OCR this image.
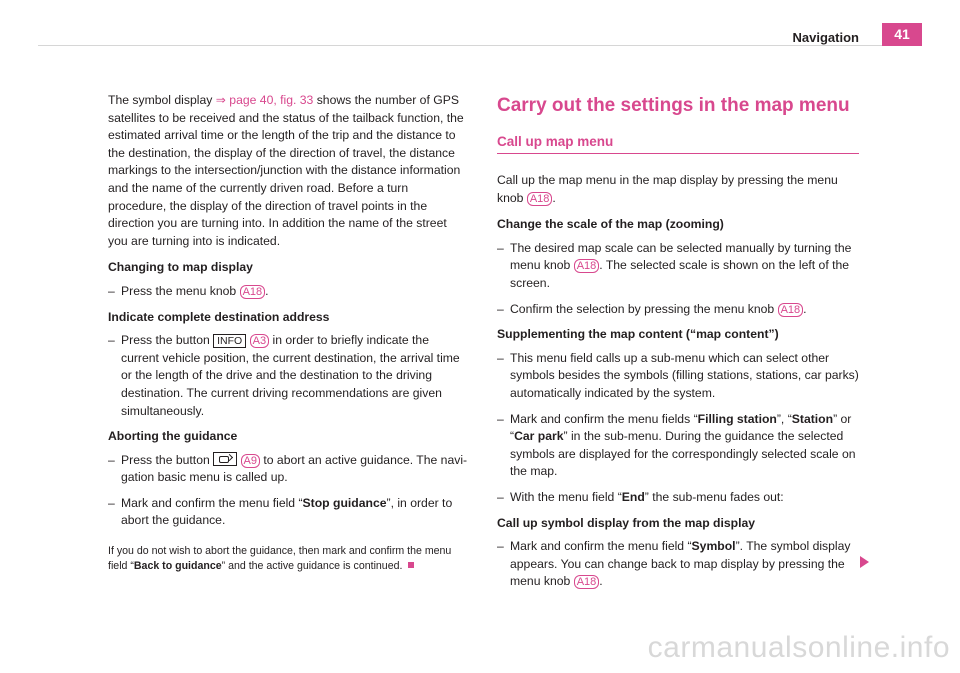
Navigation	41

The symbol display ⇒ page 40, fig. 33 shows the number of GPS satellites to be received and the status of the tailback function, the estimated arrival time or the length of the trip and the distance to the destination, the display of the direction of travel, the distance markings to the intersection/junction with the distance information and the name of the currently driven road. Before a turn procedure, the display of the direction of travel points in the direction you are turning into. In addition the name of the street you are turning into is indicated.

Changing to map display

– Press the menu knob A18 .

Indicate complete destination address

– Press the button INFO A3 in order to briefly indicate the current vehicle position, the current destination, the arrival time or the length of the drive and the destination to the driving destination. The current driving recommendations are given simultaneously.

Aborting the guidance

– Press the button	A9 to abort an active guidance. The navi-gation basic menu is called up.

– Mark and confirm the menu field “Stop guidance”, in order to abort the guidance.

If you do not wish to abort the guidance, then mark and confirm the menu field “Back to guidance” and the active guidance is continued.

Carry out the settings in the map menu

Call up map menu

Call up the map menu in the map display by pressing the menu knob A18 .

Change the scale of the map (zooming)

– The desired map scale can be selected manually by turning the menu knob A18 . The selected scale is shown on the left of the screen.

– Confirm the selection by pressing the menu knob A18 .

Supplementing the map content (“map content”)

– This menu field calls up a sub-menu which can select other symbols besides the symbols (filling stations, stations, car parks) automatically indicated by the system.

– Mark and confirm the menu fields “Filling station”, “Station” or “Car park” in the sub-menu. During the guidance the selected symbols are displayed for the correspondingly selected scale on the map.

– With the menu field “End” the sub-menu fades out:

Call up symbol display from the map display

– Mark and confirm the menu field “Symbol”. The symbol display appears. You can change back to map display by pressing the menu knob A18 .

carmanualsonline.info
